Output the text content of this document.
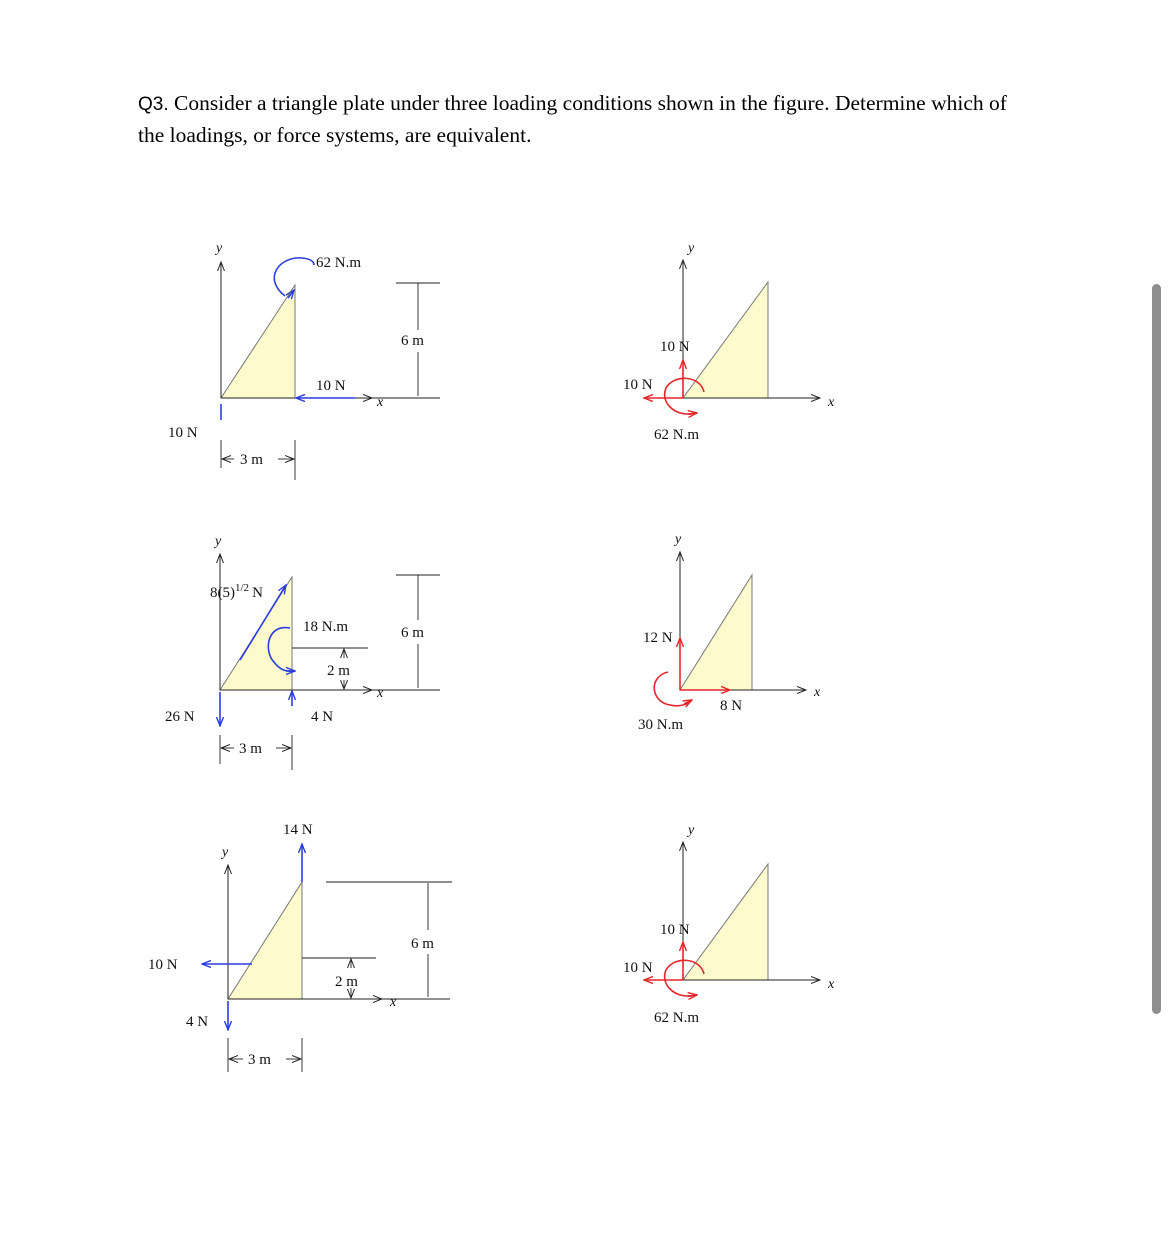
Q3. Consider a triangle plate under three loading conditions shown in the figure. Determine which of the loadings, or force systems, are equivalent.
y
x
62 N.m
10 N
10 N
6 m
3 m
y
x
10 N
10 N
62 N.m
y
x
$8(5)^{1/2}$ N
18 N.m
2 m
6 m
26 N	4 N
3 m
y
x
12 N
8 N
30 N.m
y
x
14 N
6 m
2 m
10 N
4 N
3 m
y
x
10 N
10 N
62 N.m
